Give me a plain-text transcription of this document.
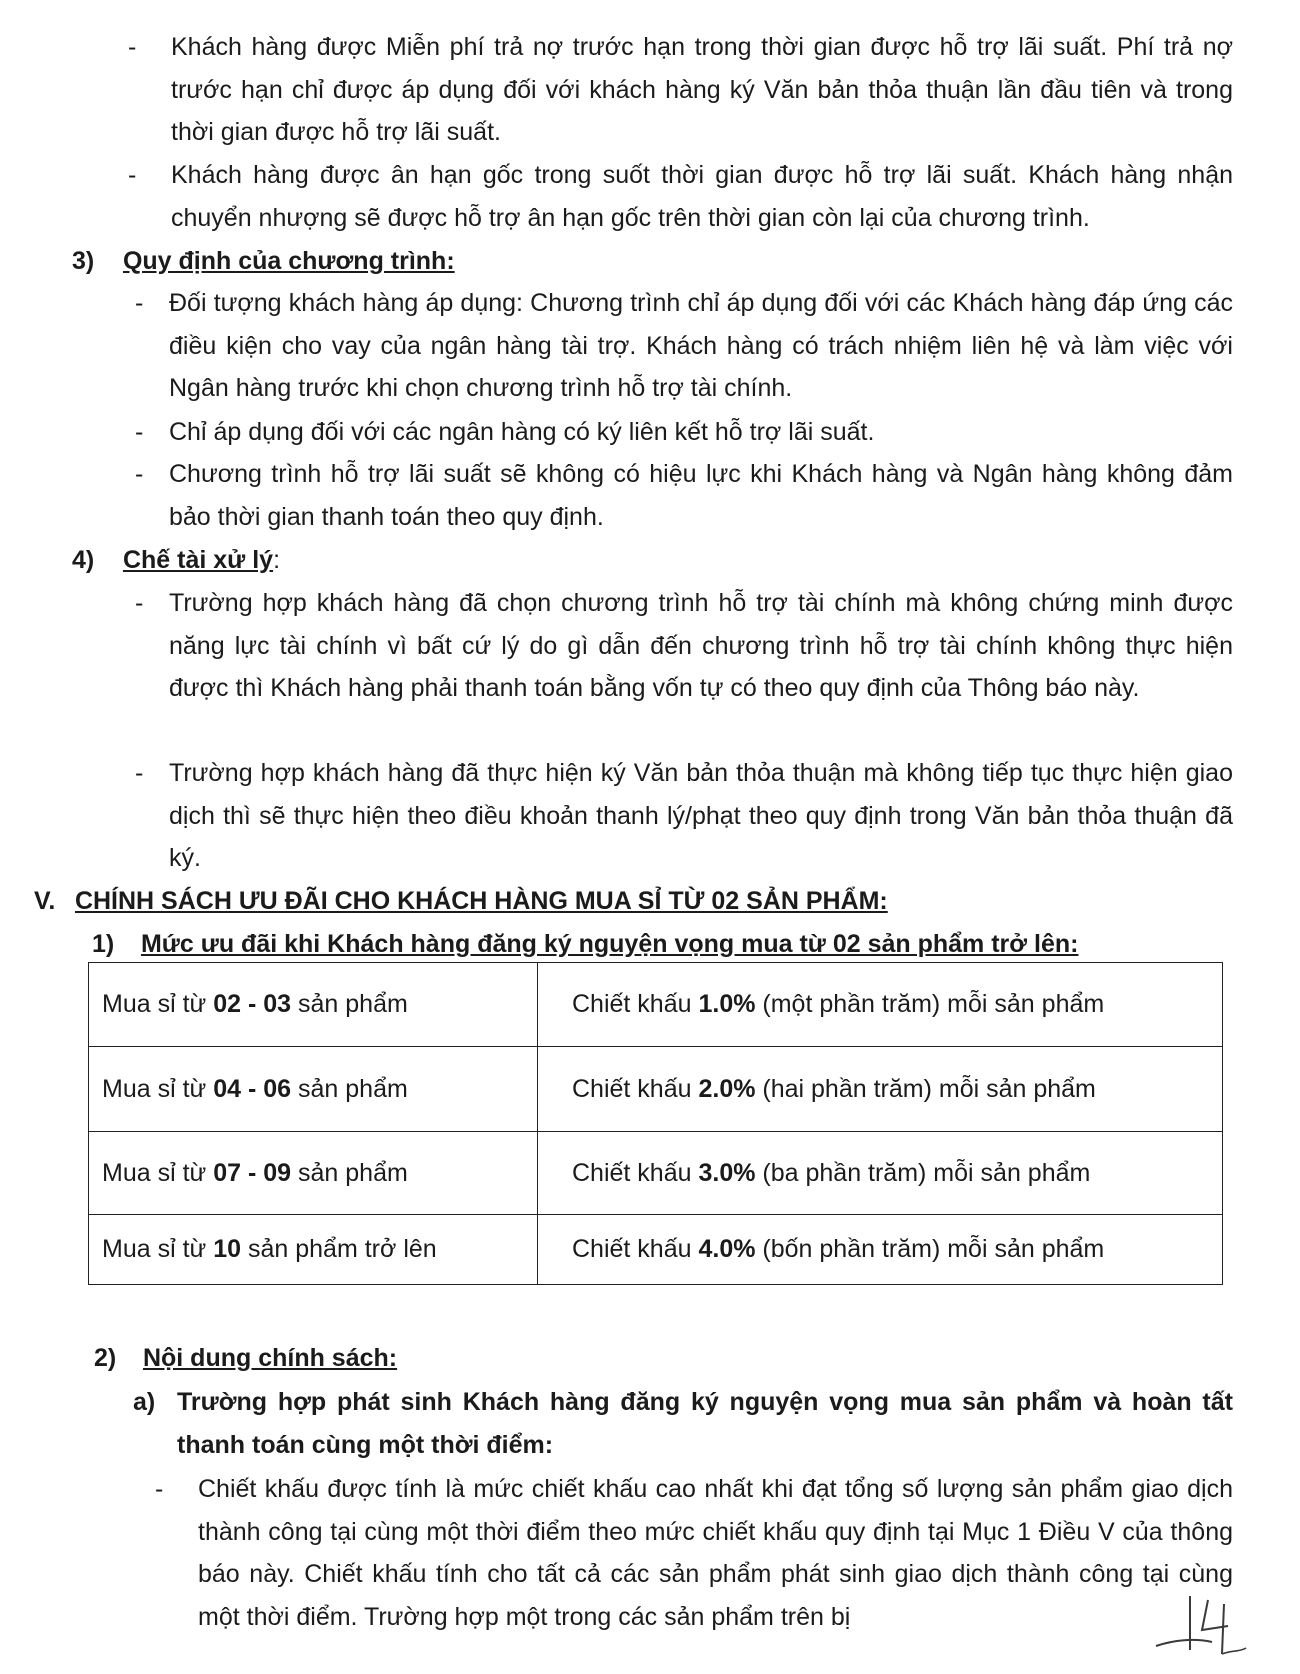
- Khách hàng được Miễn phí trả nợ trước hạn trong thời gian được hỗ trợ lãi suất. Phí trả nợ trước hạn chỉ được áp dụng đối với khách hàng ký Văn bản thỏa thuận lần đầu tiên và trong thời gian được hỗ trợ lãi suất.

- Khách hàng được ân hạn gốc trong suốt thời gian được hỗ trợ lãi suất. Khách hàng nhận chuyển nhượng sẽ được hỗ trợ ân hạn gốc trên thời gian còn lại của chương trình.

3) Quy định của chương trình:
- Đối tượng khách hàng áp dụng: Chương trình chỉ áp dụng đối với các Khách hàng đáp ứng các điều kiện cho vay của ngân hàng tài trợ. Khách hàng có trách nhiệm liên hệ và làm việc với Ngân hàng trước khi chọn chương trình hỗ trợ tài chính.

- Chỉ áp dụng đối với các ngân hàng có ký liên kết hỗ trợ lãi suất.

- Chương trình hỗ trợ lãi suất sẽ không có hiệu lực khi Khách hàng và Ngân hàng không đảm bảo thời gian thanh toán theo quy định.

4) Chế tài xử lý:
- Trường hợp khách hàng đã chọn chương trình hỗ trợ tài chính mà không chứng minh được năng lực tài chính vì bất cứ lý do gì dẫn đến chương trình hỗ trợ tài chính không thực hiện được thì Khách hàng phải thanh toán bằng vốn tự có theo quy định của Thông báo này.

- Trường hợp khách hàng đã thực hiện ký Văn bản thỏa thuận mà không tiếp tục thực hiện giao dịch thì sẽ thực hiện theo điều khoản thanh lý/phạt theo quy định trong Văn bản thỏa thuận đã ký.

V. CHÍNH SÁCH ƯU ĐÃI CHO KHÁCH HÀNG MUA SỈ TỪ 02 SẢN PHẨM:
1) Mức ưu đãi khi Khách hàng đăng ký nguyện vọng mua từ 02 sản phẩm trở lên:
Mua sỉ từ 02 - 03 sản phẩm	Chiết khấu 1.0% (một phần trăm) mỗi sản phẩm
Mua sỉ từ 04 - 06 sản phẩm	Chiết khấu 2.0% (hai phần trăm) mỗi sản phẩm
Mua sỉ từ 07 - 09 sản phẩm	Chiết khấu 3.0% (ba phần trăm) mỗi sản phẩm
Mua sỉ từ 10 sản phẩm trở lên	Chiết khấu 4.0% (bốn phần trăm) mỗi sản phẩm
2) Nội dung chính sách:
a) Trường hợp phát sinh Khách hàng đăng ký nguyện vọng mua sản phẩm và hoàn tất thanh toán cùng một thời điểm:

- Chiết khấu được tính là mức chiết khấu cao nhất khi đạt tổng số lượng sản phẩm giao dịch thành công tại cùng một thời điểm theo mức chiết khấu quy định tại Mục 1 Điều V của thông báo này. Chiết khấu tính cho tất cả các sản phẩm phát sinh giao dịch thành công tại cùng một thời điểm. Trường hợp một trong các sản phẩm trên bị
